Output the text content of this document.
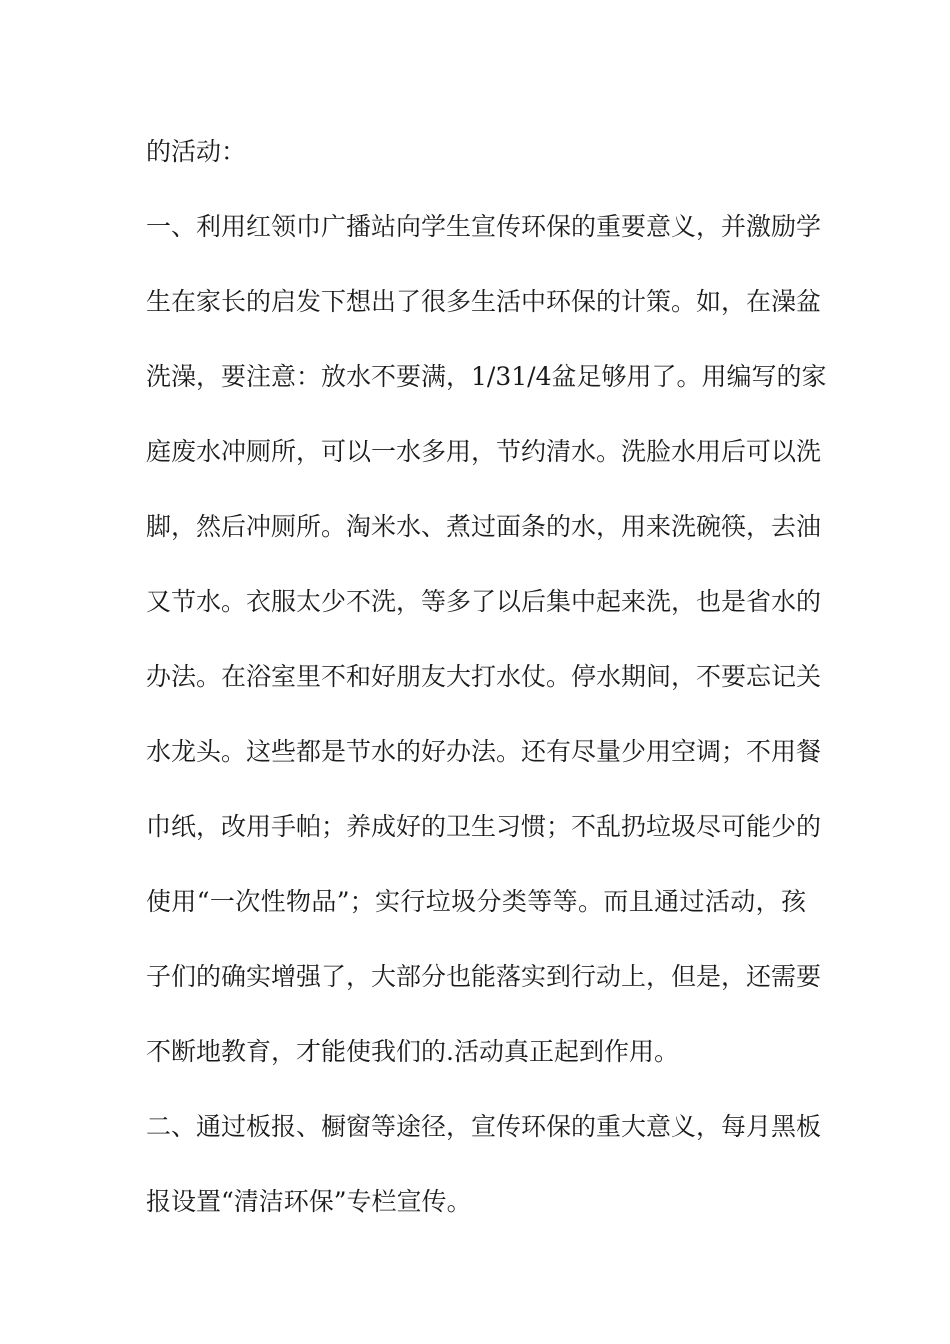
的活动：
一、利用红领巾广播站向学生宣传环保的重要意义，并激励学
生在家长的启发下想出了很多生活中环保的计策。如，在澡盆
洗澡，要注意：放水不要满，1/31/4盆足够用了。用编写的家
庭废水冲厕所，可以一水多用，节约清水。洗脸水用后可以洗
脚，然后冲厕所。淘米水、煮过面条的水，用来洗碗筷，去油
又节水。衣服太少不洗，等多了以后集中起来洗，也是省水的
办法。在浴室里不和好朋友大打水仗。停水期间，不要忘记关
水龙头。这些都是节水的好办法。还有尽量少用空调；不用餐
巾纸，改用手帕；养成好的卫生习惯；不乱扔垃圾尽可能少的
使用“一次性物品”；实行垃圾分类等等。而且通过活动，孩
子们的确实增强了，大部分也能落实到行动上，但是，还需要
不断地教育，才能使我们的.活动真正起到作用。
二、通过板报、橱窗等途径，宣传环保的重大意义，每月黑板
报设置“清洁环保”专栏宣传。
